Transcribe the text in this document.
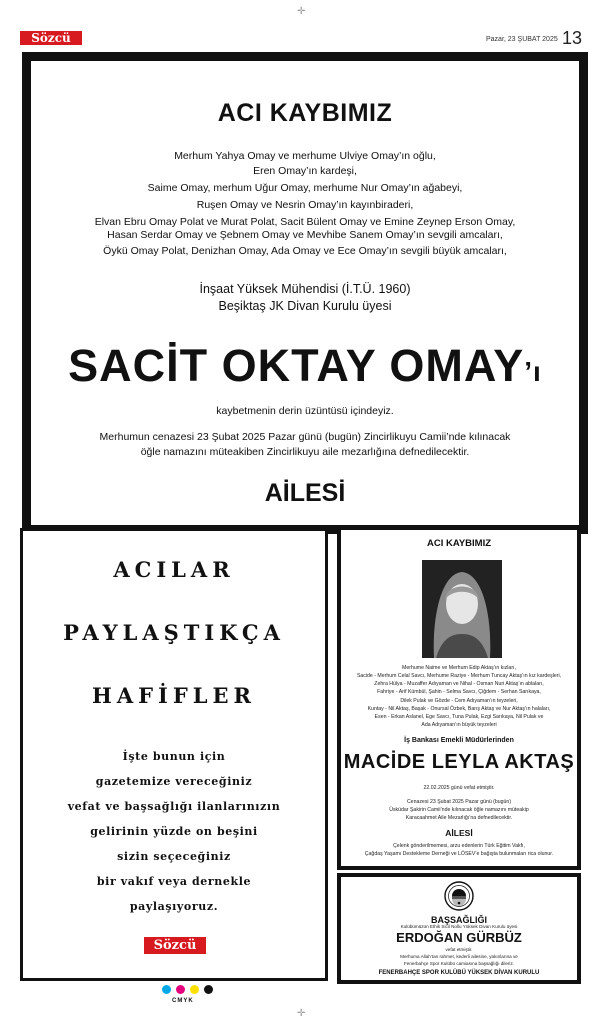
Sözcü
✛
✛
Pazar, 23 ŞUBAT 2025 13
ACI KAYBIMIZ
Merhum Yahya Omay ve merhume Ulviye Omay’ın oğlu,
Eren Omay’ın kardeşi,
Saime Omay, merhum Uğur Omay, merhume Nur Omay’ın ağabeyi,
Ruşen Omay ve Nesrin Omay’ın kayınbiraderi,
Elvan Ebru Omay Polat ve Murat Polat, Sacit Bülent Omay ve Emine Zeynep Erson Omay,
Hasan Serdar Omay ve Şebnem Omay ve Mevhibe Sanem Omay’ın sevgili amcaları,
Öykü Omay Polat, Denizhan Omay, Ada Omay ve Ece Omay’ın sevgili büyük amcaları,
İnşaat Yüksek Mühendisi (İ.T.Ü. 1960)
Beşiktaş JK Divan Kurulu üyesi
SACİT OKTAY OMAY’ı
kaybetmenin derin üzüntüsü içindeyiz.
Merhumun cenazesi 23 Şubat 2025 Pazar günü (bugün) Zincirlikuyu Camii’nde kılınacak
öğle namazını müteakiben Zincirlikuyu aile mezarlığına defnedilecektir.
AİLESİ
ACILAR
PAYLAŞTIKÇA
HAFİFLER
İşte bunun için
gazetemize vereceğiniz
vefat ve başsağlığı ilanlarınızın
gelirinin yüzde on beşini
sizin seçeceğiniz
bir vakıf veya dernekle
paylaşıyoruz.
Sözcü
ACI KAYBIMIZ
Merhume Naime ve Merhum Edip Aktaş’ın kızları,
Sacide - Merhum Celal Savcı, Merhume Raziye - Merhum Tuncay Aktaş’ın kız kardeşleri,
Zehra Hülya - Muzaffer Adıyaman ve Nihal - Osman Nuri Aktaş’ın ablaları,
Fahriye - Arif Kümbül, Şahin - Selma Savcı, Çiğdem - Serhan Sarıkaya,
Dilek Pulak ve Gözde - Cem Adıyaman’ın teyzeleri,
Kuntay - Nil Aktaş, Başak - Onursal Özbek, Barış Aktaş ve Nur Aktaş’ın halaları,
Esen - Erkan Aslanel, Ege Savcı, Tuna Pulak, Ezgi Sarıkaya, Nil Pulak ve
Ada Adıyaman’ın büyük teyzeleri
İş Bankası Emekli Müdürlerinden
MACİDE LEYLA AKTAŞ
22.02.2025 günü vefat etmiştir.
Cenazesi 23 Şubat 2025 Pazar günü (bugün)
Üsküdar Şakirin Camii’nde kılınacak öğle namazını müteakip
Karacaahmet Aile Mezarlığı’na defnedilecektir.
AİLESİ
Çelenk gönderilmemesi, arzu edenlerin Türk Eğitim Vakfı,
Çağdaş Yaşamı Destekleme Derneği ve LÖSEV’e bağışta bulunmaları rica olunur.
BAŞSAĞLIĞI
Kulübümüzün Ethik Sicil Nollu Yüksek Divan Kurulu üyesi
ERDOĞAN GÜRBÜZ
vefat etmiştir.
Merhuma Allah’tan rahmet, kederli ailesine, yakınlarına ve
Fenerbahçe Spor Kulübü camiasına başsağlığı dileriz.
FENERBAHÇE SPOR KULÜBÜ YÜKSEK DİVAN KURULU
CMYK
